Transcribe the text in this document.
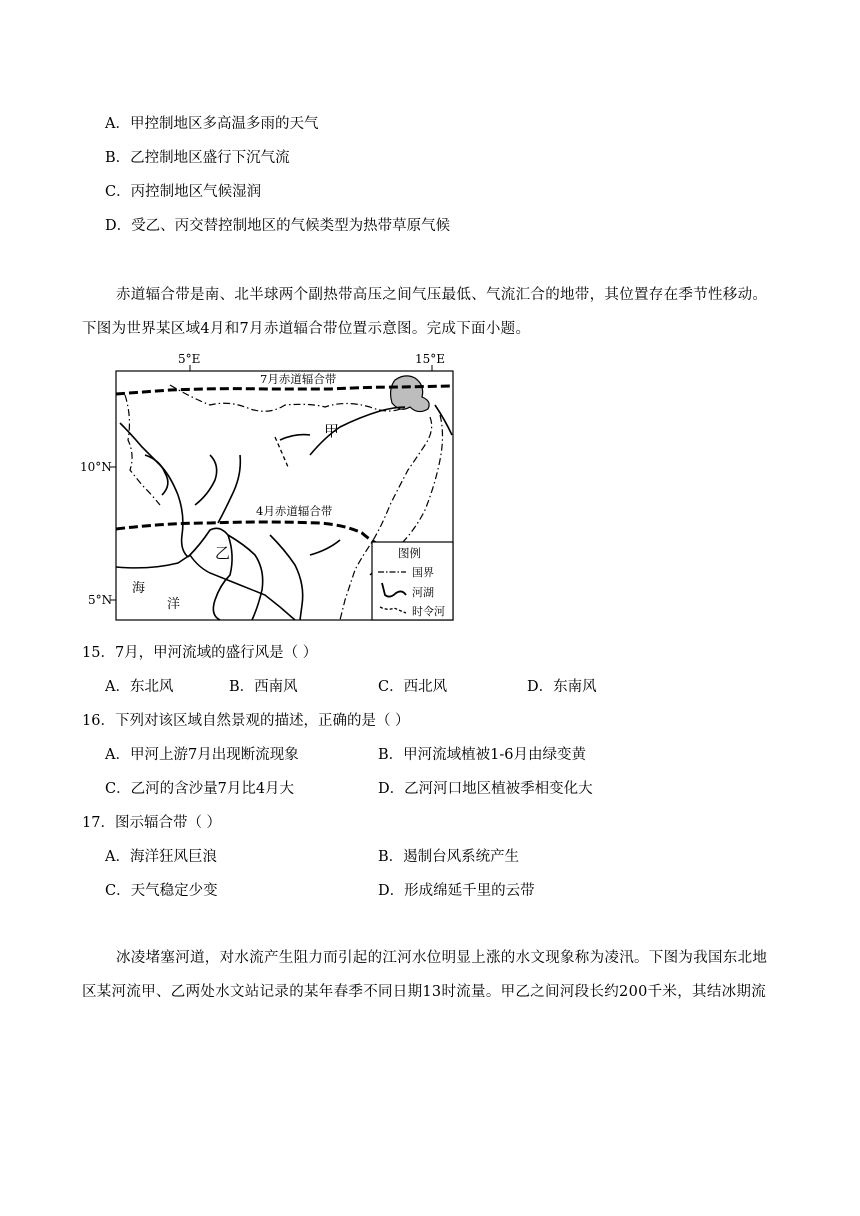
A．甲控制地区多高温多雨的天气
B．乙控制地区盛行下沉气流
C．丙控制地区气候湿润
D．受乙、丙交替控制地区的气候类型为热带草原气候
赤道辐合带是南、北半球两个副热带高压之间气压最低、气流汇合的地带，其位置存在季节性移动。
下图为世界某区域4月和7月赤道辐合带位置示意图。完成下面小题。
5°E	15°E
10°N
5°N
7月赤道辐合带
4月赤道辐合带
甲
乙
海
洋
图例
国界
河湖
时令河
15．7月，甲河流域的盛行风是（ ）
A．东北风	B．西南风	C．西北风	D．东南风
16．下列对该区域自然景观的描述，正确的是（ ）
A．甲河上游7月出现断流现象	B．甲河流域植被1-6月由绿变黄
C．乙河的含沙量7月比4月大	D．乙河河口地区植被季相变化大
17．图示辐合带（ ）
A．海洋狂风巨浪	B．遏制台风系统产生
C．天气稳定少变	D．形成绵延千里的云带
冰凌堵塞河道，对水流产生阻力而引起的江河水位明显上涨的水文现象称为凌汛。下图为我国东北地
区某河流甲、乙两处水文站记录的某年春季不同日期13时流量。甲乙之间河段长约200千米，其结冰期流
